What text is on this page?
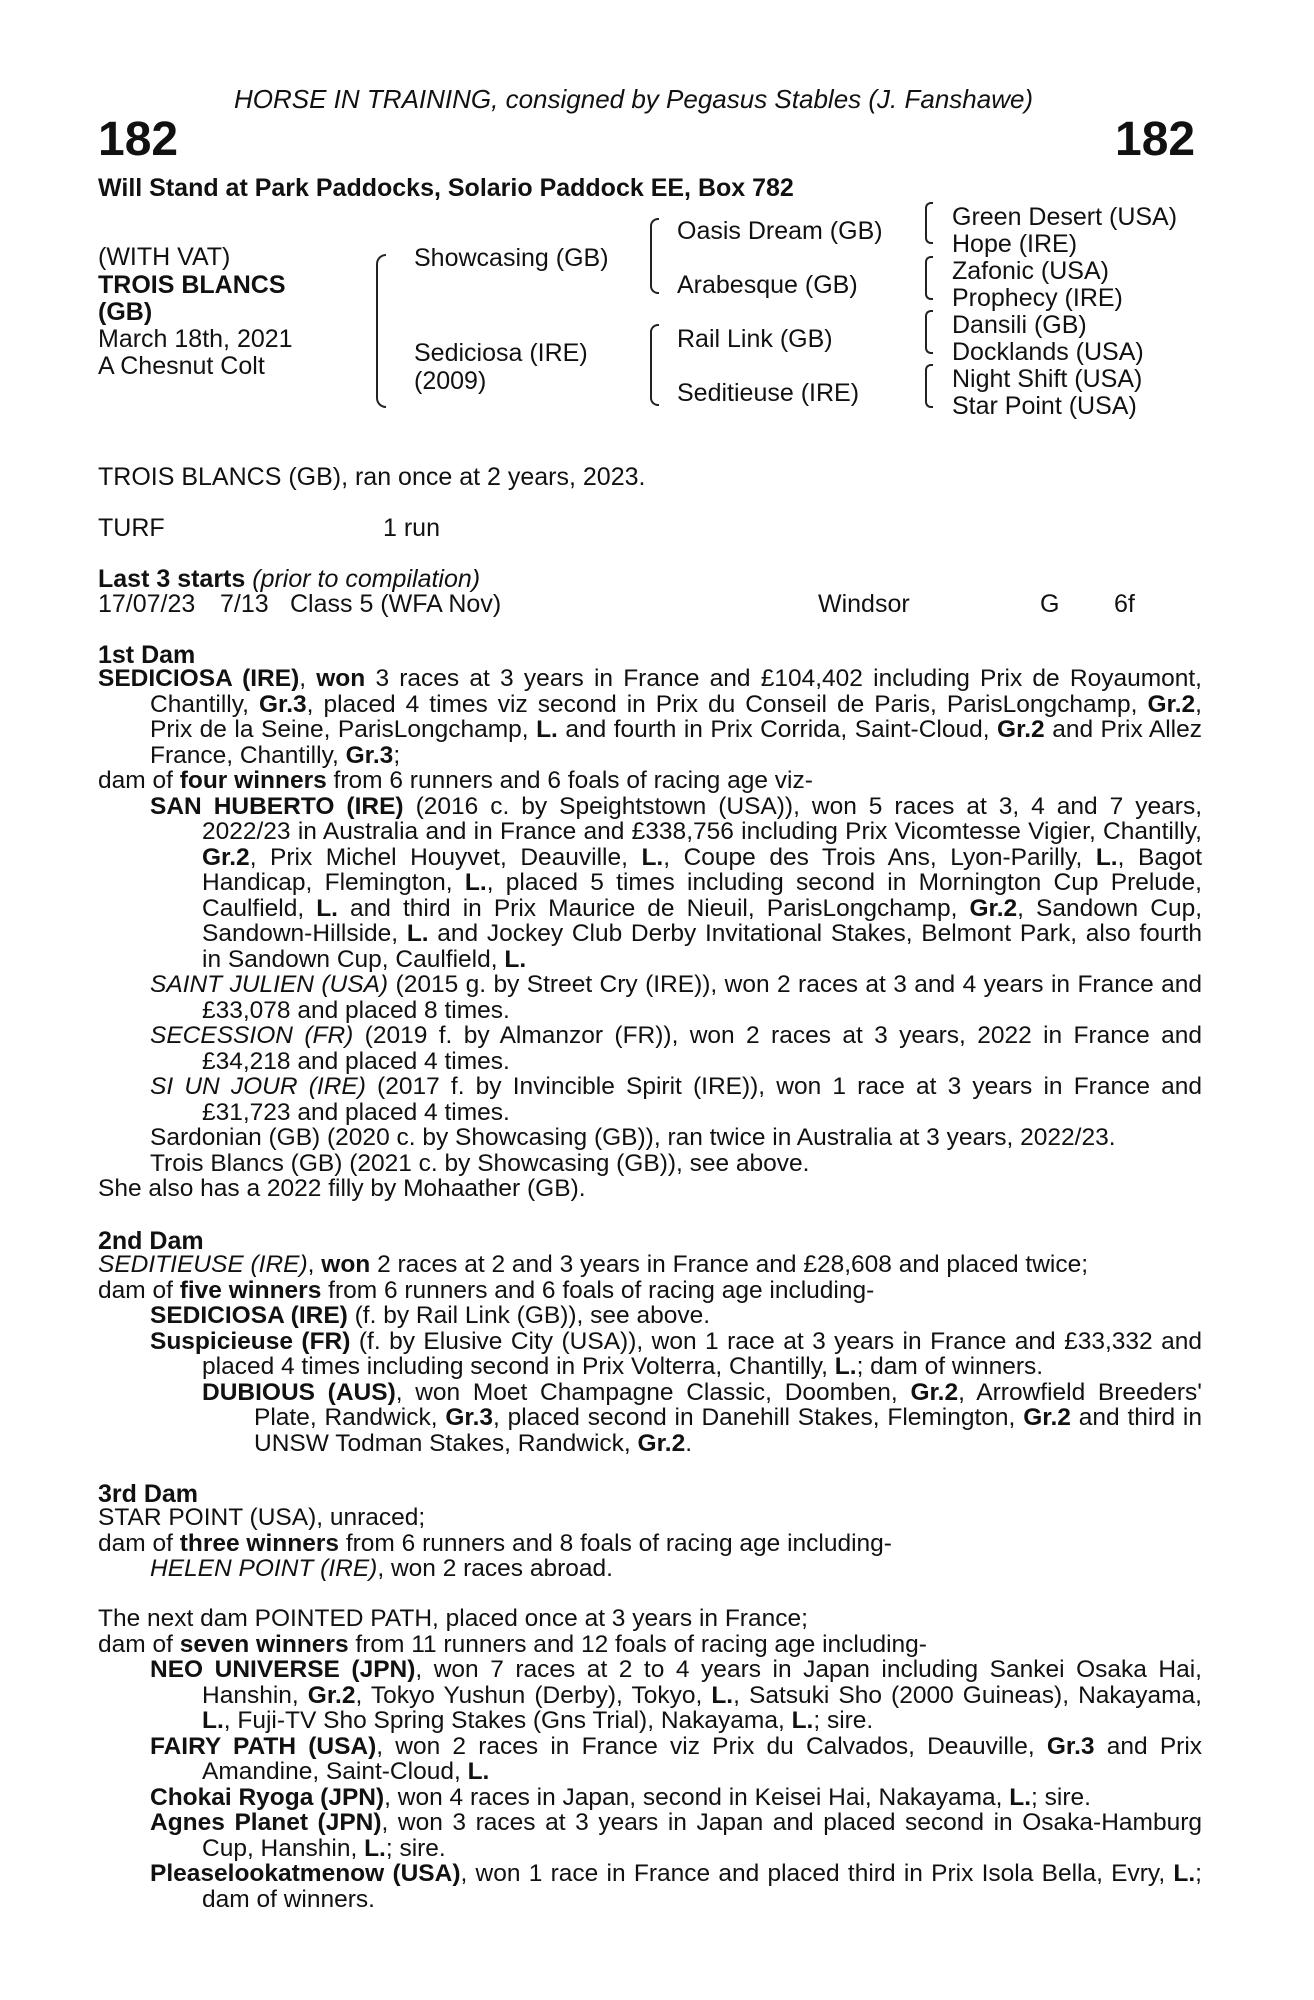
HORSE IN TRAINING, consigned by Pegasus Stables (J. Fanshawe)
182	182
Will Stand at Park Paddocks, Solario Paddock EE, Box 782
(WITH VAT)
TROIS BLANCS
(GB)
March 18th, 2021
A Chesnut Colt
Showcasing (GB)
Sediciosa (IRE)
(2009)
Oasis Dream (GB)
Arabesque (GB)
Rail Link (GB)
Seditieuse (IRE)
Green Desert (USA)
Hope (IRE)
Zafonic (USA)
Prophecy (IRE)
Dansili (GB)
Docklands (USA)
Night Shift (USA)
Star Point (USA)
TROIS BLANCS (GB), ran once at 2 years, 2023.
TURF	1 run
Last 3 starts (prior to compilation)
17/07/23 7/13 Class 5 (WFA Nov)	Windsor	G 6f
1st Dam

SEDICIOSA (IRE), won 3 races at 3 years in France and £104,402 including Prix de Royaumont, Chantilly, Gr.3, placed 4 times viz second in Prix du Conseil de Paris, ParisLongchamp, Gr.2, Prix de la Seine, ParisLongchamp, L. and fourth in Prix Corrida, Saint-Cloud, Gr.2 and Prix Allez France, Chantilly, Gr.3;

dam of four winners from 6 runners and 6 foals of racing age viz-

SAN HUBERTO (IRE) (2016 c. by Speightstown (USA)), won 5 races at 3, 4 and 7 years, 2022/23 in Australia and in France and £338,756 including Prix Vicomtesse Vigier, Chantilly, Gr.2, Prix Michel Houyvet, Deauville, L., Coupe des Trois Ans, Lyon-Parilly, L., Bagot Handicap, Flemington, L., placed 5 times including second in Mornington Cup Prelude, Caulfield, L. and third in Prix Maurice de Nieuil, ParisLongchamp, Gr.2, Sandown Cup, Sandown-Hillside, L. and Jockey Club Derby Invitational Stakes, Belmont Park, also fourth in Sandown Cup, Caulfield, L.

SAINT JULIEN (USA) (2015 g. by Street Cry (IRE)), won 2 races at 3 and 4 years in France and £33,078 and placed 8 times.

SECESSION (FR) (2019 f. by Almanzor (FR)), won 2 races at 3 years, 2022 in France and £34,218 and placed 4 times.

SI UN JOUR (IRE) (2017 f. by Invincible Spirit (IRE)), won 1 race at 3 years in France and £31,723 and placed 4 times.

Sardonian (GB) (2020 c. by Showcasing (GB)), ran twice in Australia at 3 years, 2022/23.

Trois Blancs (GB) (2021 c. by Showcasing (GB)), see above.

She also has a 2022 filly by Mohaather (GB).

2nd Dam

SEDITIEUSE (IRE), won 2 races at 2 and 3 years in France and £28,608 and placed twice;

dam of five winners from 6 runners and 6 foals of racing age including-

SEDICIOSA (IRE) (f. by Rail Link (GB)), see above.

Suspicieuse (FR) (f. by Elusive City (USA)), won 1 race at 3 years in France and £33,332 and placed 4 times including second in Prix Volterra, Chantilly, L.; dam of winners.

DUBIOUS (AUS), won Moet Champagne Classic, Doomben, Gr.2, Arrowfield Breeders' Plate, Randwick, Gr.3, placed second in Danehill Stakes, Flemington, Gr.2 and third in UNSW Todman Stakes, Randwick, Gr.2.

3rd Dam

STAR POINT (USA), unraced;

dam of three winners from 6 runners and 8 foals of racing age including-

HELEN POINT (IRE), won 2 races abroad.

The next dam POINTED PATH, placed once at 3 years in France;

dam of seven winners from 11 runners and 12 foals of racing age including-

NEO UNIVERSE (JPN), won 7 races at 2 to 4 years in Japan including Sankei Osaka Hai, Hanshin, Gr.2, Tokyo Yushun (Derby), Tokyo, L., Satsuki Sho (2000 Guineas), Nakayama, L., Fuji-TV Sho Spring Stakes (Gns Trial), Nakayama, L.; sire.

FAIRY PATH (USA), won 2 races in France viz Prix du Calvados, Deauville, Gr.3 and Prix Amandine, Saint-Cloud, L.

Chokai Ryoga (JPN), won 4 races in Japan, second in Keisei Hai, Nakayama, L.; sire.

Agnes Planet (JPN), won 3 races at 3 years in Japan and placed second in Osaka-Hamburg Cup, Hanshin, L.; sire.

Pleaselookatmenow (USA), won 1 race in France and placed third in Prix Isola Bella, Evry, L.; dam of winners.
